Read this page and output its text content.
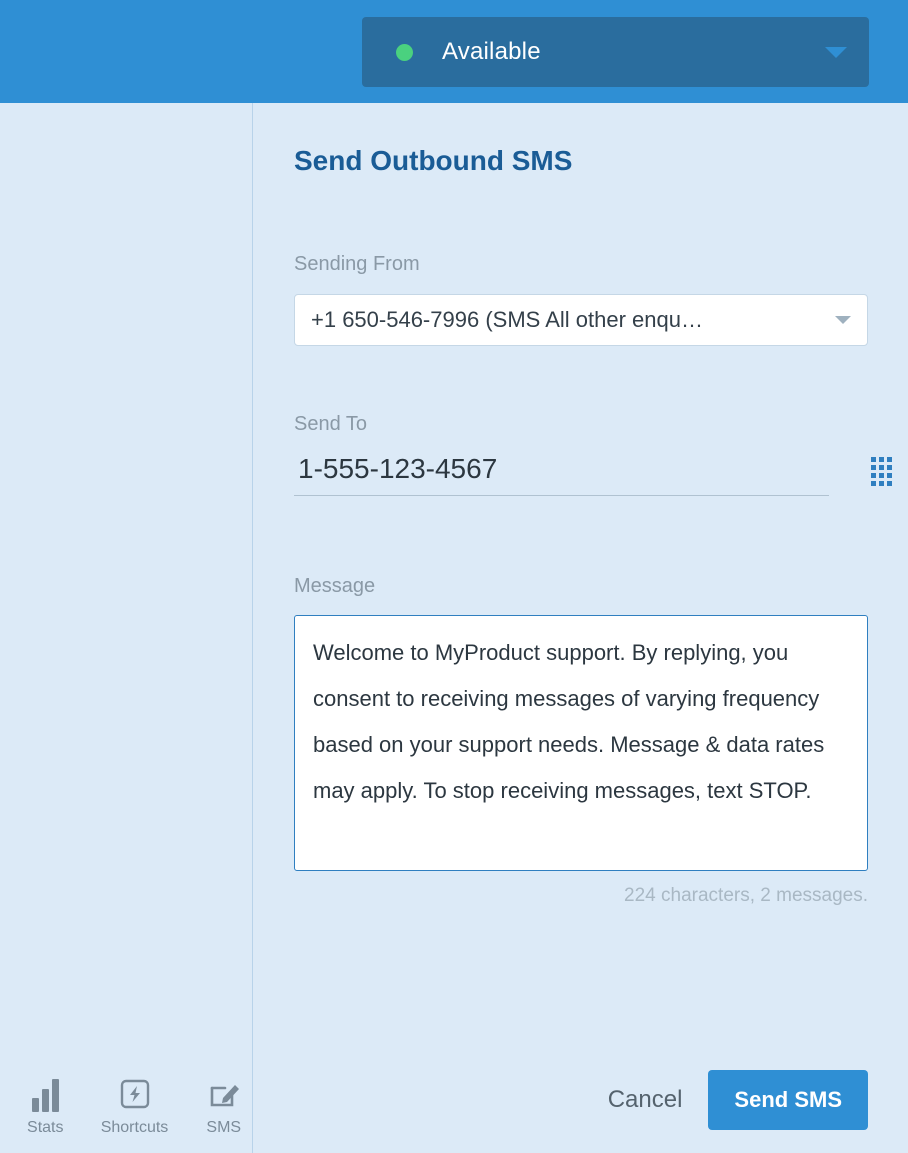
Available
Stats Shortcuts SMS
Send Outbound SMS
Sending From
+1 650-546-7996 (SMS All other enqu…
Send To
1-555-123-4567
Message
Welcome to MyProduct support. By replying, you consent to receiving messages of varying frequency based on your support needs. Message & data rates may apply. To stop receiving messages, text STOP. How can I help you today?
224 characters, 2 messages.
Cancel	Send SMS
